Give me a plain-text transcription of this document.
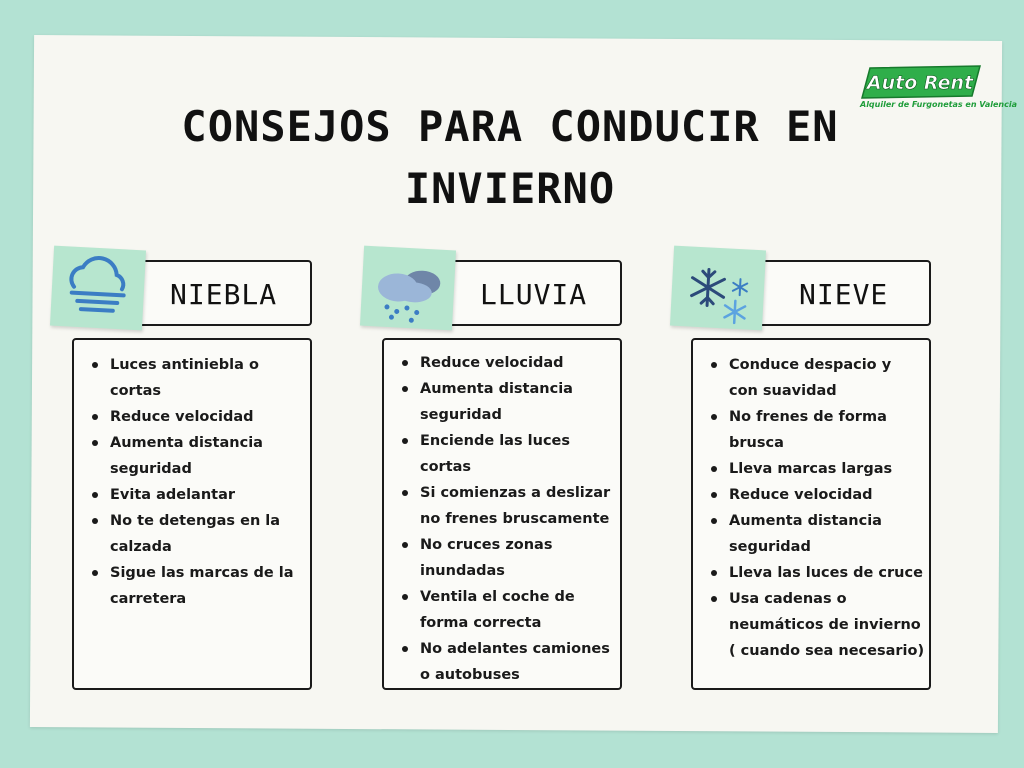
Auto Rent
Alquiler de Furgonetas en Valencia
CONSEJOS PARA CONDUCIR EN INVIERNO
NIEBLA
Luces antiniebla o cortas
Reduce velocidad
Aumenta distancia seguridad
Evita adelantar
No te detengas en la calzada
Sigue las marcas de la carretera
LLUVIA
Reduce velocidad
Aumenta distancia seguridad
Enciende las luces cortas
Si comienzas a deslizar no frenes bruscamente
No cruces zonas inundadas
Ventila el coche de forma correcta
No adelantes camiones o autobuses
NIEVE
Conduce despacio y con suavidad
No frenes de forma brusca
Lleva marcas largas
Reduce velocidad
Aumenta distancia seguridad
Lleva las luces de cruce
Usa cadenas o neumáticos de invierno ( cuando sea necesario)
